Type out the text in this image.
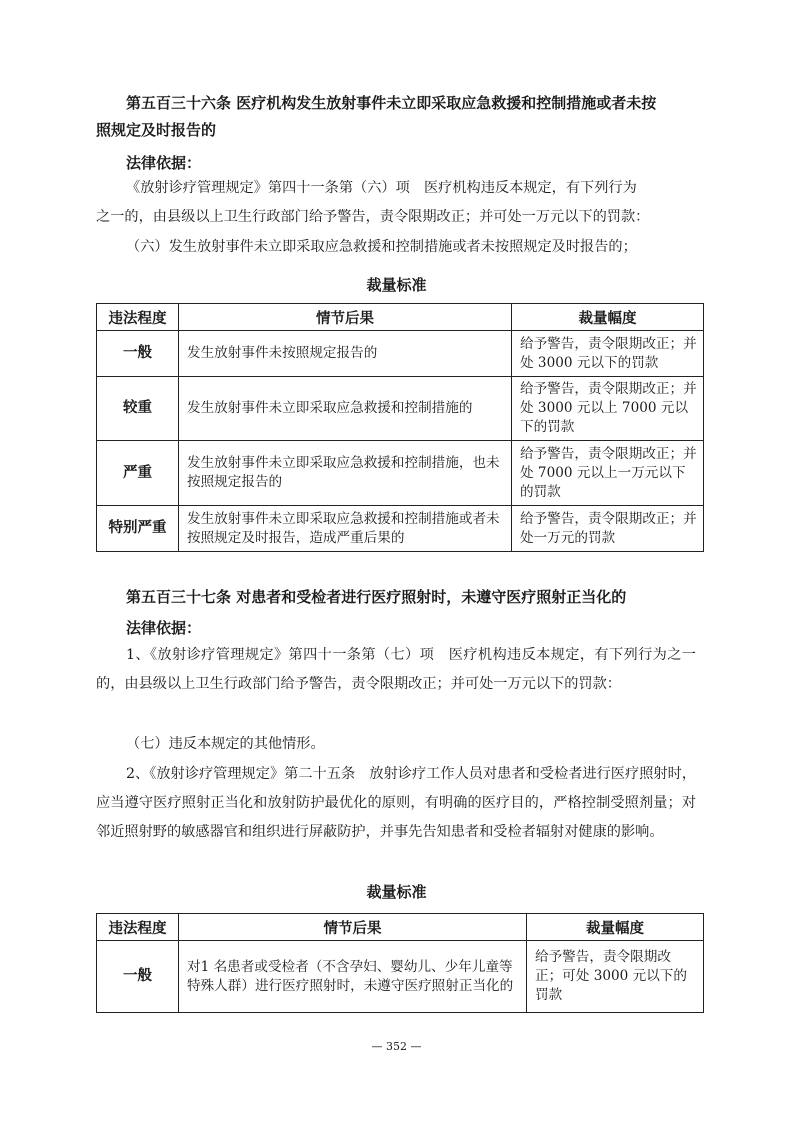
第五百三十六条 医疗机构发生放射事件未立即采取应急救援和控制措施或者未按
照规定及时报告的
法律依据：
《放射诊疗管理规定》第四十一条第（六）项　医疗机构违反本规定，有下列行为
之一的，由县级以上卫生行政部门给予警告，责令限期改正；并可处一万元以下的罚款：
（六）发生放射事件未立即采取应急救援和控制措施或者未按照规定及时报告的；
裁量标准
违法程度	情节后果	裁量幅度
一般	发生放射事件未按照规定报告的	给予警告，责令限期改正；并处 3000 元以下的罚款
较重	发生放射事件未立即采取应急救援和控制措施的	给予警告，责令限期改正；并处 3000 元以上 7000 元以下的罚款
严重	发生放射事件未立即采取应急救援和控制措施，也未按照规定报告的	给予警告，责令限期改正；并处 7000 元以上一万元以下的罚款
特别严重	发生放射事件未立即采取应急救援和控制措施或者未按照规定及时报告，造成严重后果的	给予警告，责令限期改正；并处一万元的罚款
第五百三十七条 对患者和受检者进行医疗照射时，未遵守医疗照射正当化的
法律依据：
1、《放射诊疗管理规定》第四十一条第（七）项　医疗机构违反本规定，有下列行为之一的，由县级以上卫生行政部门给予警告，责令限期改正；并可处一万元以下的罚款：
（七）违反本规定的其他情形。
2、《放射诊疗管理规定》第二十五条　放射诊疗工作人员对患者和受检者进行医疗照射时，应当遵守医疗照射正当化和放射防护最优化的原则，有明确的医疗目的，严格控制受照剂量；对邻近照射野的敏感器官和组织进行屏蔽防护，并事先告知患者和受检者辐射对健康的影响。
裁量标准
违法程度	情节后果	裁量幅度
一般	对1 名患者或受检者（不含孕妇、婴幼儿、少年儿童等特殊人群）进行医疗照射时，未遵守医疗照射正当化的	给予警告，责令限期改正；可处 3000 元以下的罚款
— 352 —
